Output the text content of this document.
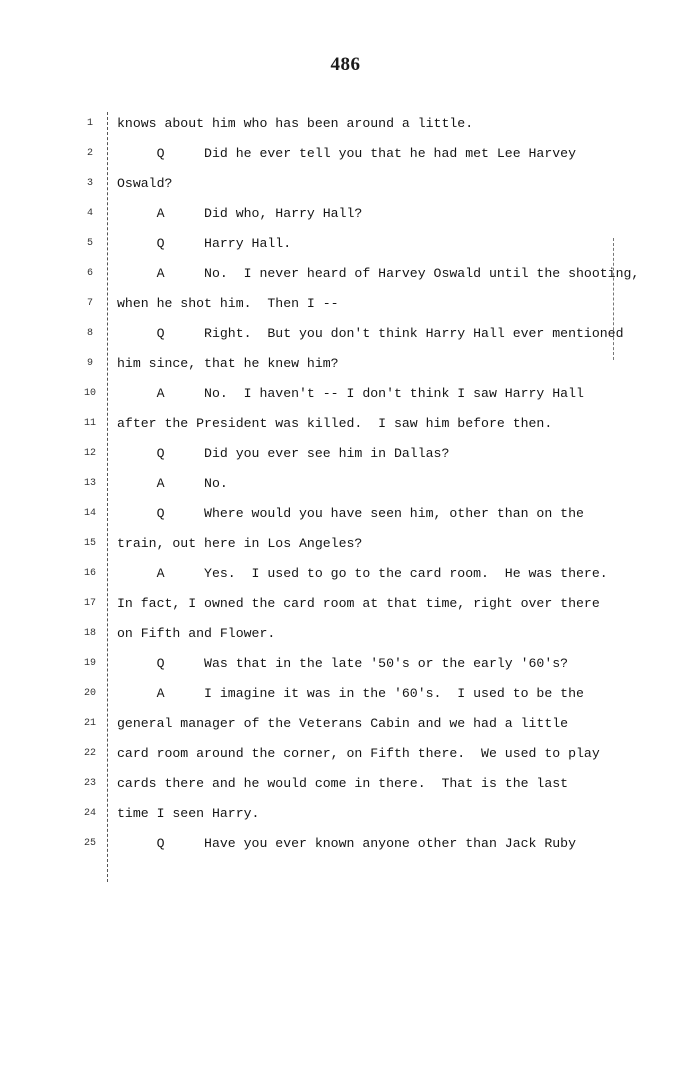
486
1	knows about him who has been around a little.
2	Q     Did he ever tell you that he had met Lee Harvey
3	Oswald?
4	A     Did who, Harry Hall?
5	Q     Harry Hall.
6	A     No.  I never heard of Harvey Oswald until the shooting,
7	when he shot him.  Then I --
8	Q     Right.  But you don't think Harry Hall ever mentioned
9	him since, that he knew him?
10 A     No.  I haven't -- I don't think I saw Harry Hall
11 after the President was killed.  I saw him before then.
12 Q     Did you ever see him in Dallas?
13 A     No.
14 Q     Where would you have seen him, other than on the
15 train, out here in Los Angeles?
16 A     Yes.  I used to go to the card room.  He was there.
17 In fact, I owned the card room at that time, right over there
18 on Fifth and Flower.
19 Q     Was that in the late '50's or the early '60's?
20 A     I imagine it was in the '60's.  I used to be the
21 general manager of the Veterans Cabin and we had a little
22 card room around the corner, on Fifth there.  We used to play
23 cards there and he would come in there.  That is the last
24 time I seen Harry.
25 Q     Have you ever known anyone other than Jack Ruby
